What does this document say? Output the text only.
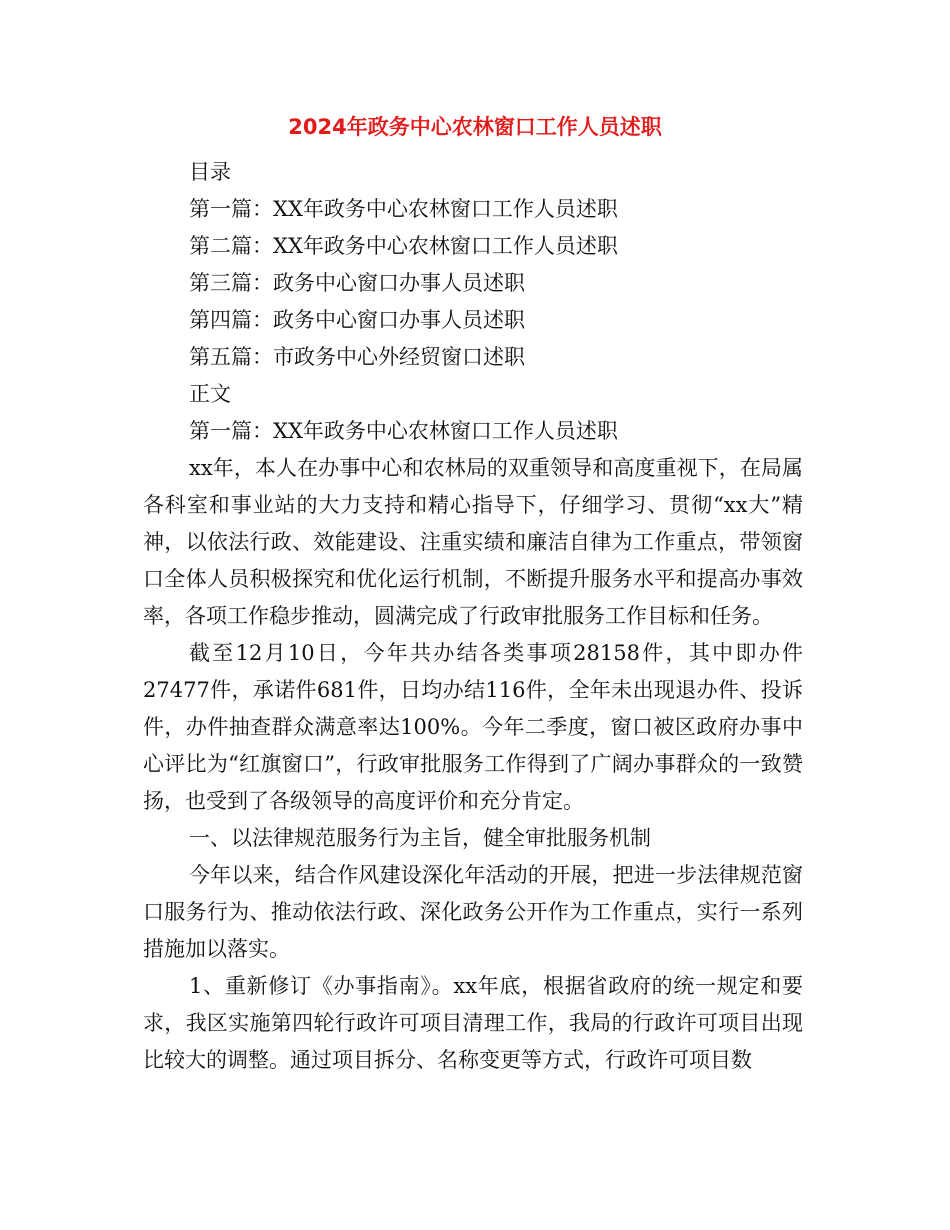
2024年政务中心农林窗口工作人员述职

目录

第一篇：XX年政务中心农林窗口工作人员述职

第二篇：XX年政务中心农林窗口工作人员述职

第三篇：政务中心窗口办事人员述职

第四篇：政务中心窗口办事人员述职

第五篇：市政务中心外经贸窗口述职

正文

第一篇：XX年政务中心农林窗口工作人员述职

xx年，本人在办事中心和农林局的双重领导和高度重视下，在局属各科室和事业站的大力支持和精心指导下，仔细学习、贯彻“xx大”精神，以依法行政、效能建设、注重实绩和廉洁自律为工作重点，带领窗口全体人员积极探究和优化运行机制，不断提升服务水平和提高办事效率，各项工作稳步推动，圆满完成了行政审批服务工作目标和任务。

截至12月10日，今年共办结各类事项28158件，其中即办件27477件，承诺件681件，日均办结116件，全年未出现退办件、投诉件，办件抽查群众满意率达100%。今年二季度，窗口被区政府办事中心评比为“红旗窗口”，行政审批服务工作得到了广阔办事群众的一致赞扬，也受到了各级领导的高度评价和充分肯定。

一、以法律规范服务行为主旨，健全审批服务机制

今年以来，结合作风建设深化年活动的开展，把进一步法律规范窗口服务行为、推动依法行政、深化政务公开作为工作重点，实行一系列措施加以落实。

1、重新修订《办事指南》。xx年底，根据省政府的统一规定和要求，我区实施第四轮行政许可项目清理工作，我局的行政许可项目出现比较大的调整。通过项目拆分、名称变更等方式，行政许可项目数
